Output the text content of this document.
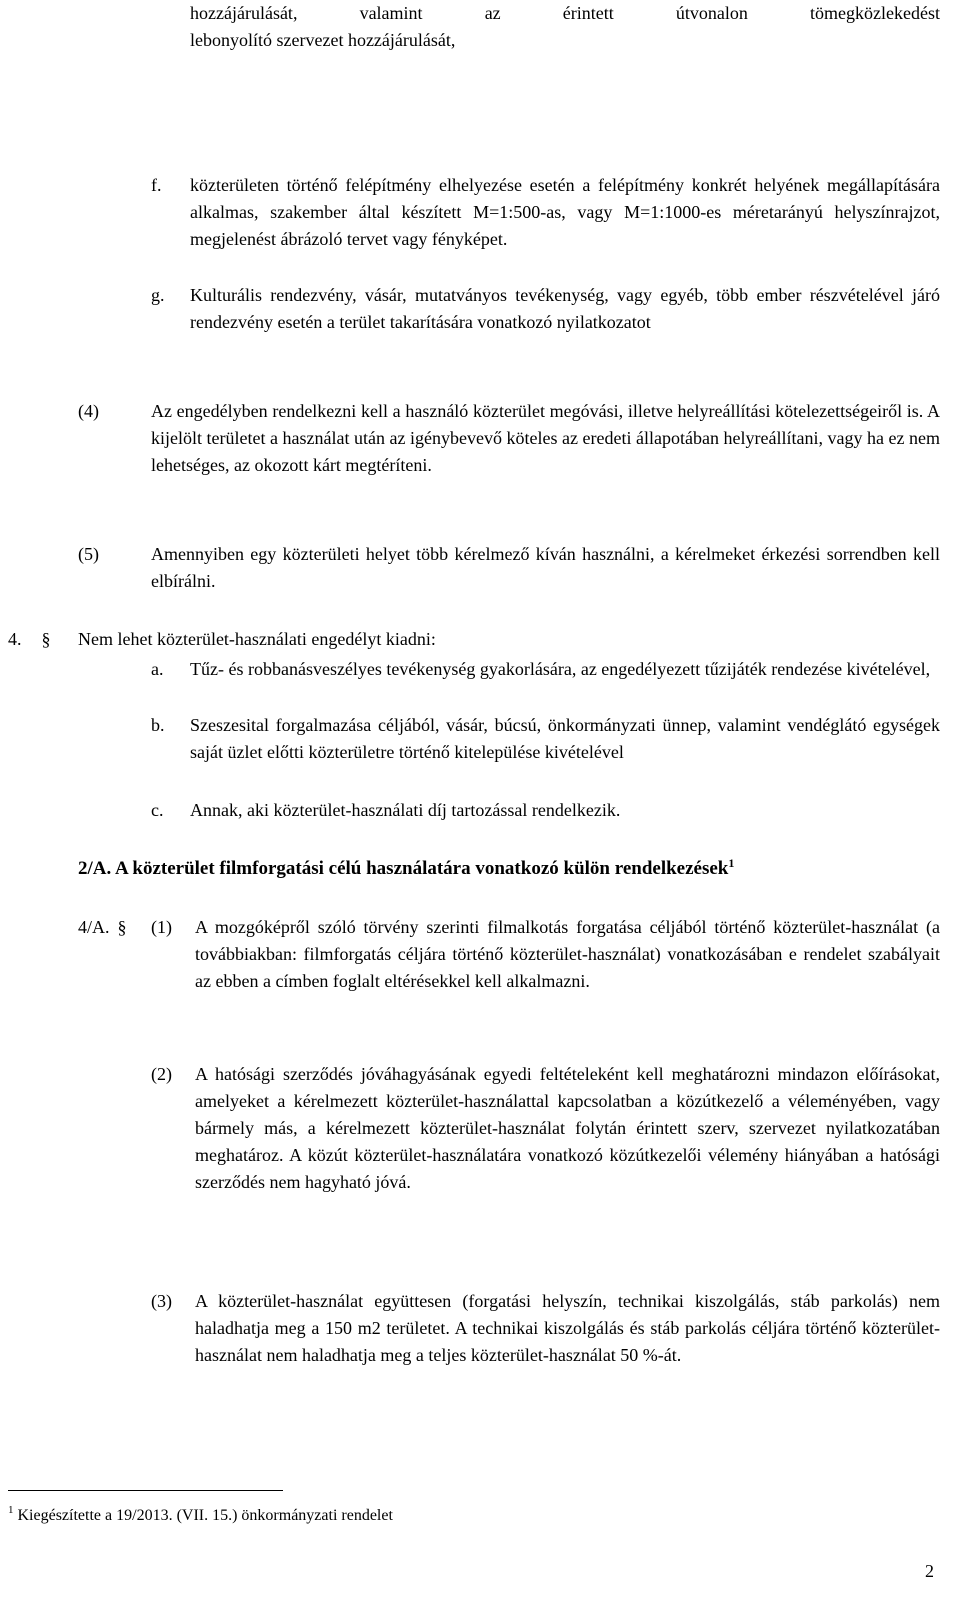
hozzájárulását, valamint az érintett útvonalon tömegközlekedést
lebonyolító szervezet hozzájárulását,
f. közterületen történő felépítmény elhelyezése esetén a felépítmény konkrét helyének megállapítására alkalmas, szakember által készített M=1:500-as, vagy M=1:1000-es méretarányú helyszínrajzot, megjelenést ábrázoló tervet vagy fényképet.
g. Kulturális rendezvény, vásár, mutatványos tevékenység, vagy egyéb, több ember részvételével járó rendezvény esetén a terület takarítására vonatkozó nyilatkozatot
(4)	Az engedélyben rendelkezni kell a használó közterület megóvási, illetve helyreállítási kötelezettségeiről is. A kijelölt területet a használat után az igénybevevő köteles az eredeti állapotában helyreállítani, vagy ha ez nem lehetséges, az okozott kárt megtéríteni.
(5)	Amennyiben egy közterületi helyet több kérelmező kíván használni, a kérelmeket érkezési sorrendben kell elbírálni.
4. § Nem lehet közterület-használati engedélyt kiadni:
a. Tűz- és robbanásveszélyes tevékenység gyakorlására, az engedélyezett tűzijáték rendezése kivételével,
b. Szeszesital forgalmazása céljából, vásár, búcsú, önkormányzati ünnep, valamint vendéglátó egységek saját üzlet előtti közterületre történő kitelepülése kivételével
c. Annak, aki közterület-használati díj tartozással rendelkezik.
2/A. A közterület filmforgatási célú használatára vonatkozó külön rendelkezések$^1$
4/A. § (1) A mozgóképről szóló törvény szerinti filmalkotás forgatása céljából történő közterület-használat (a továbbiakban: filmforgatás céljára történő közterület-használat) vonatkozásában e rendelet szabályait az ebben a címben foglalt eltérésekkel kell alkalmazni.
(2) A hatósági szerződés jóváhagyásának egyedi feltételeként kell meghatározni mindazon előírásokat, amelyeket a kérelmezett közterület-használattal kapcsolatban a közútkezelő a véleményében, vagy bármely más, a kérelmezett közterület-használat folytán érintett szerv, szervezet nyilatkozatában meghatároz. A közút közterület-használatára vonatkozó közútkezelői vélemény hiányában a hatósági szerződés nem hagyható jóvá.
(3) A közterület-használat együttesen (forgatási helyszín, technikai kiszolgálás, stáb parkolás) nem haladhatja meg a 150 m2 területet. A technikai kiszolgálás és stáb parkolás céljára történő közterület-használat nem haladhatja meg a teljes közterület-használat 50 %-át.
$^1$ Kiegészítette a 19/2013. (VII. 15.) önkormányzati rendelet
2
